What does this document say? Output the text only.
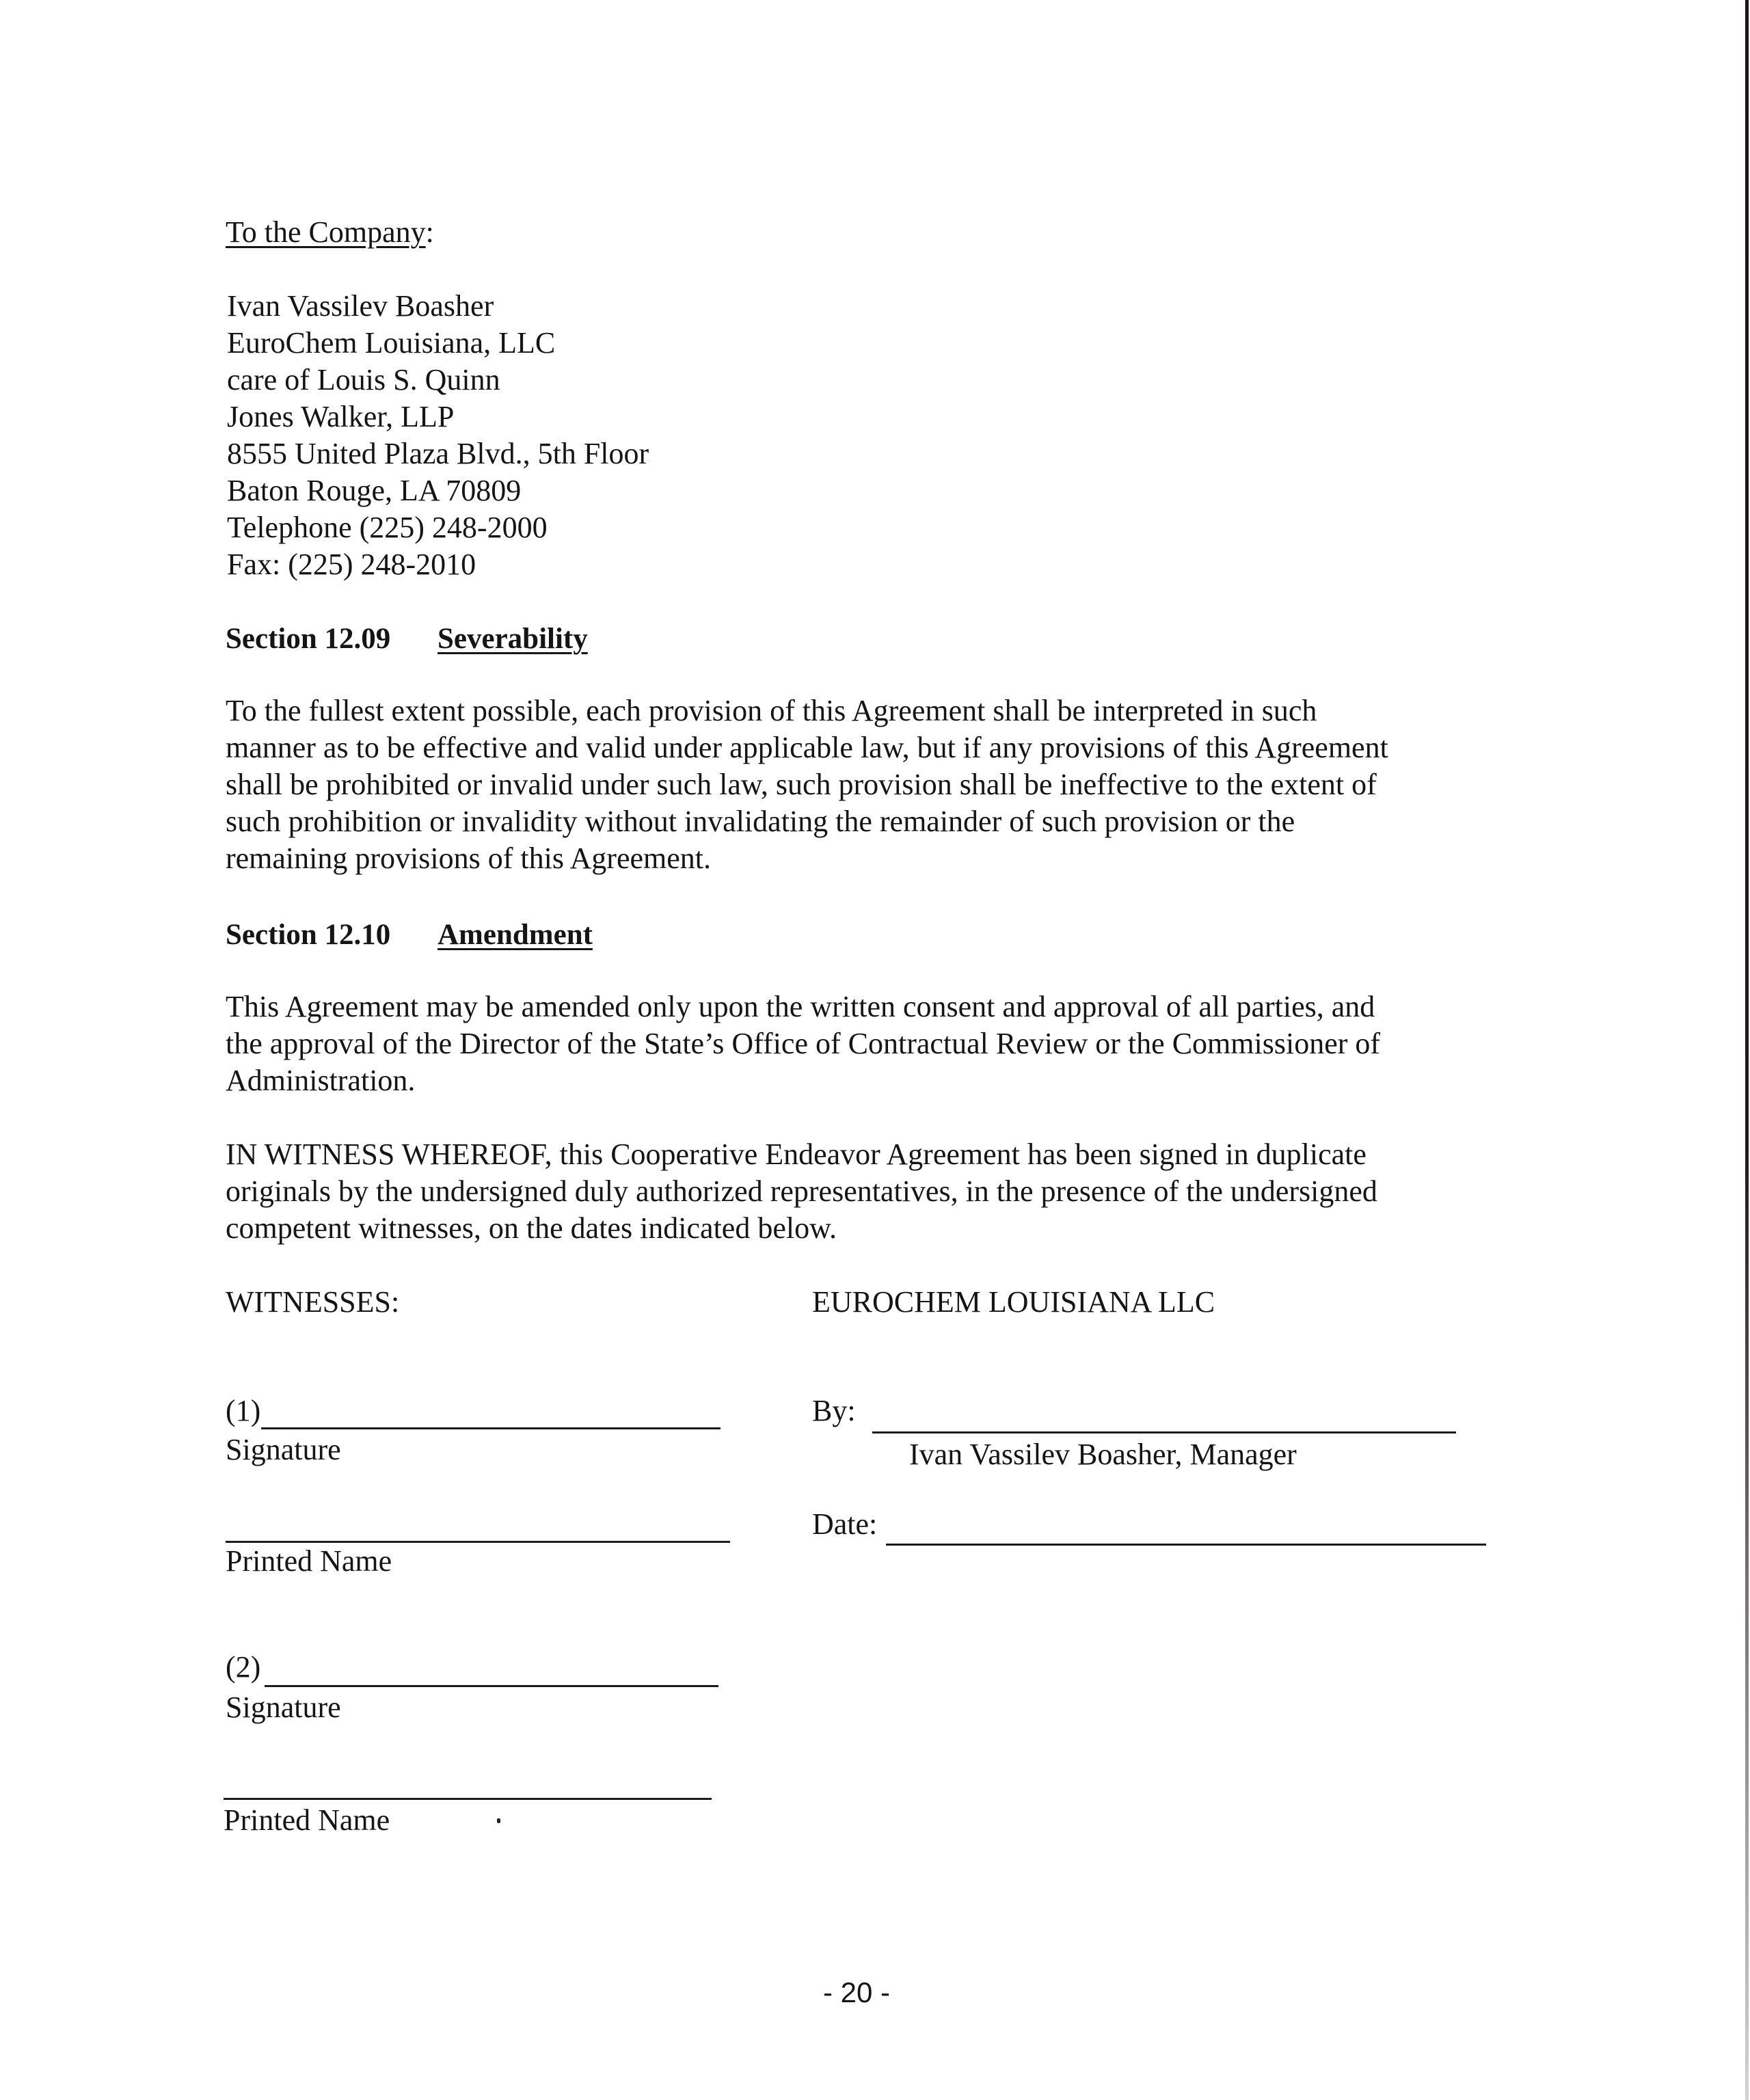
To the Company:
Ivan Vassilev Boasher
EuroChem Louisiana, LLC
care of Louis S. Quinn
Jones Walker, LLP
8555 United Plaza Blvd., 5th Floor
Baton Rouge, LA 70809
Telephone (225) 248-2000
Fax: (225) 248-2010
Section 12.09 Severability
To the fullest extent possible, each provision of this Agreement shall be interpreted in such
manner as to be effective and valid under applicable law, but if any provisions of this Agreement
shall be prohibited or invalid under such law, such provision shall be ineffective to the extent of
such prohibition or invalidity without invalidating the remainder of such provision or the
remaining provisions of this Agreement.
Section 12.10 Amendment
This Agreement may be amended only upon the written consent and approval of all parties, and
the approval of the Director of the State’s Office of Contractual Review or the Commissioner of
Administration.
IN WITNESS WHEREOF, this Cooperative Endeavor Agreement has been signed in duplicate
originals by the undersigned duly authorized representatives, in the presence of the undersigned
competent witnesses, on the dates indicated below.
WITNESSES:	EUROCHEM LOUISIANA LLC
(1)
Signature
Printed Name
By:
Ivan Vassilev Boasher, Manager
Date:
(2)
Signature
Printed Name
- 20 -
